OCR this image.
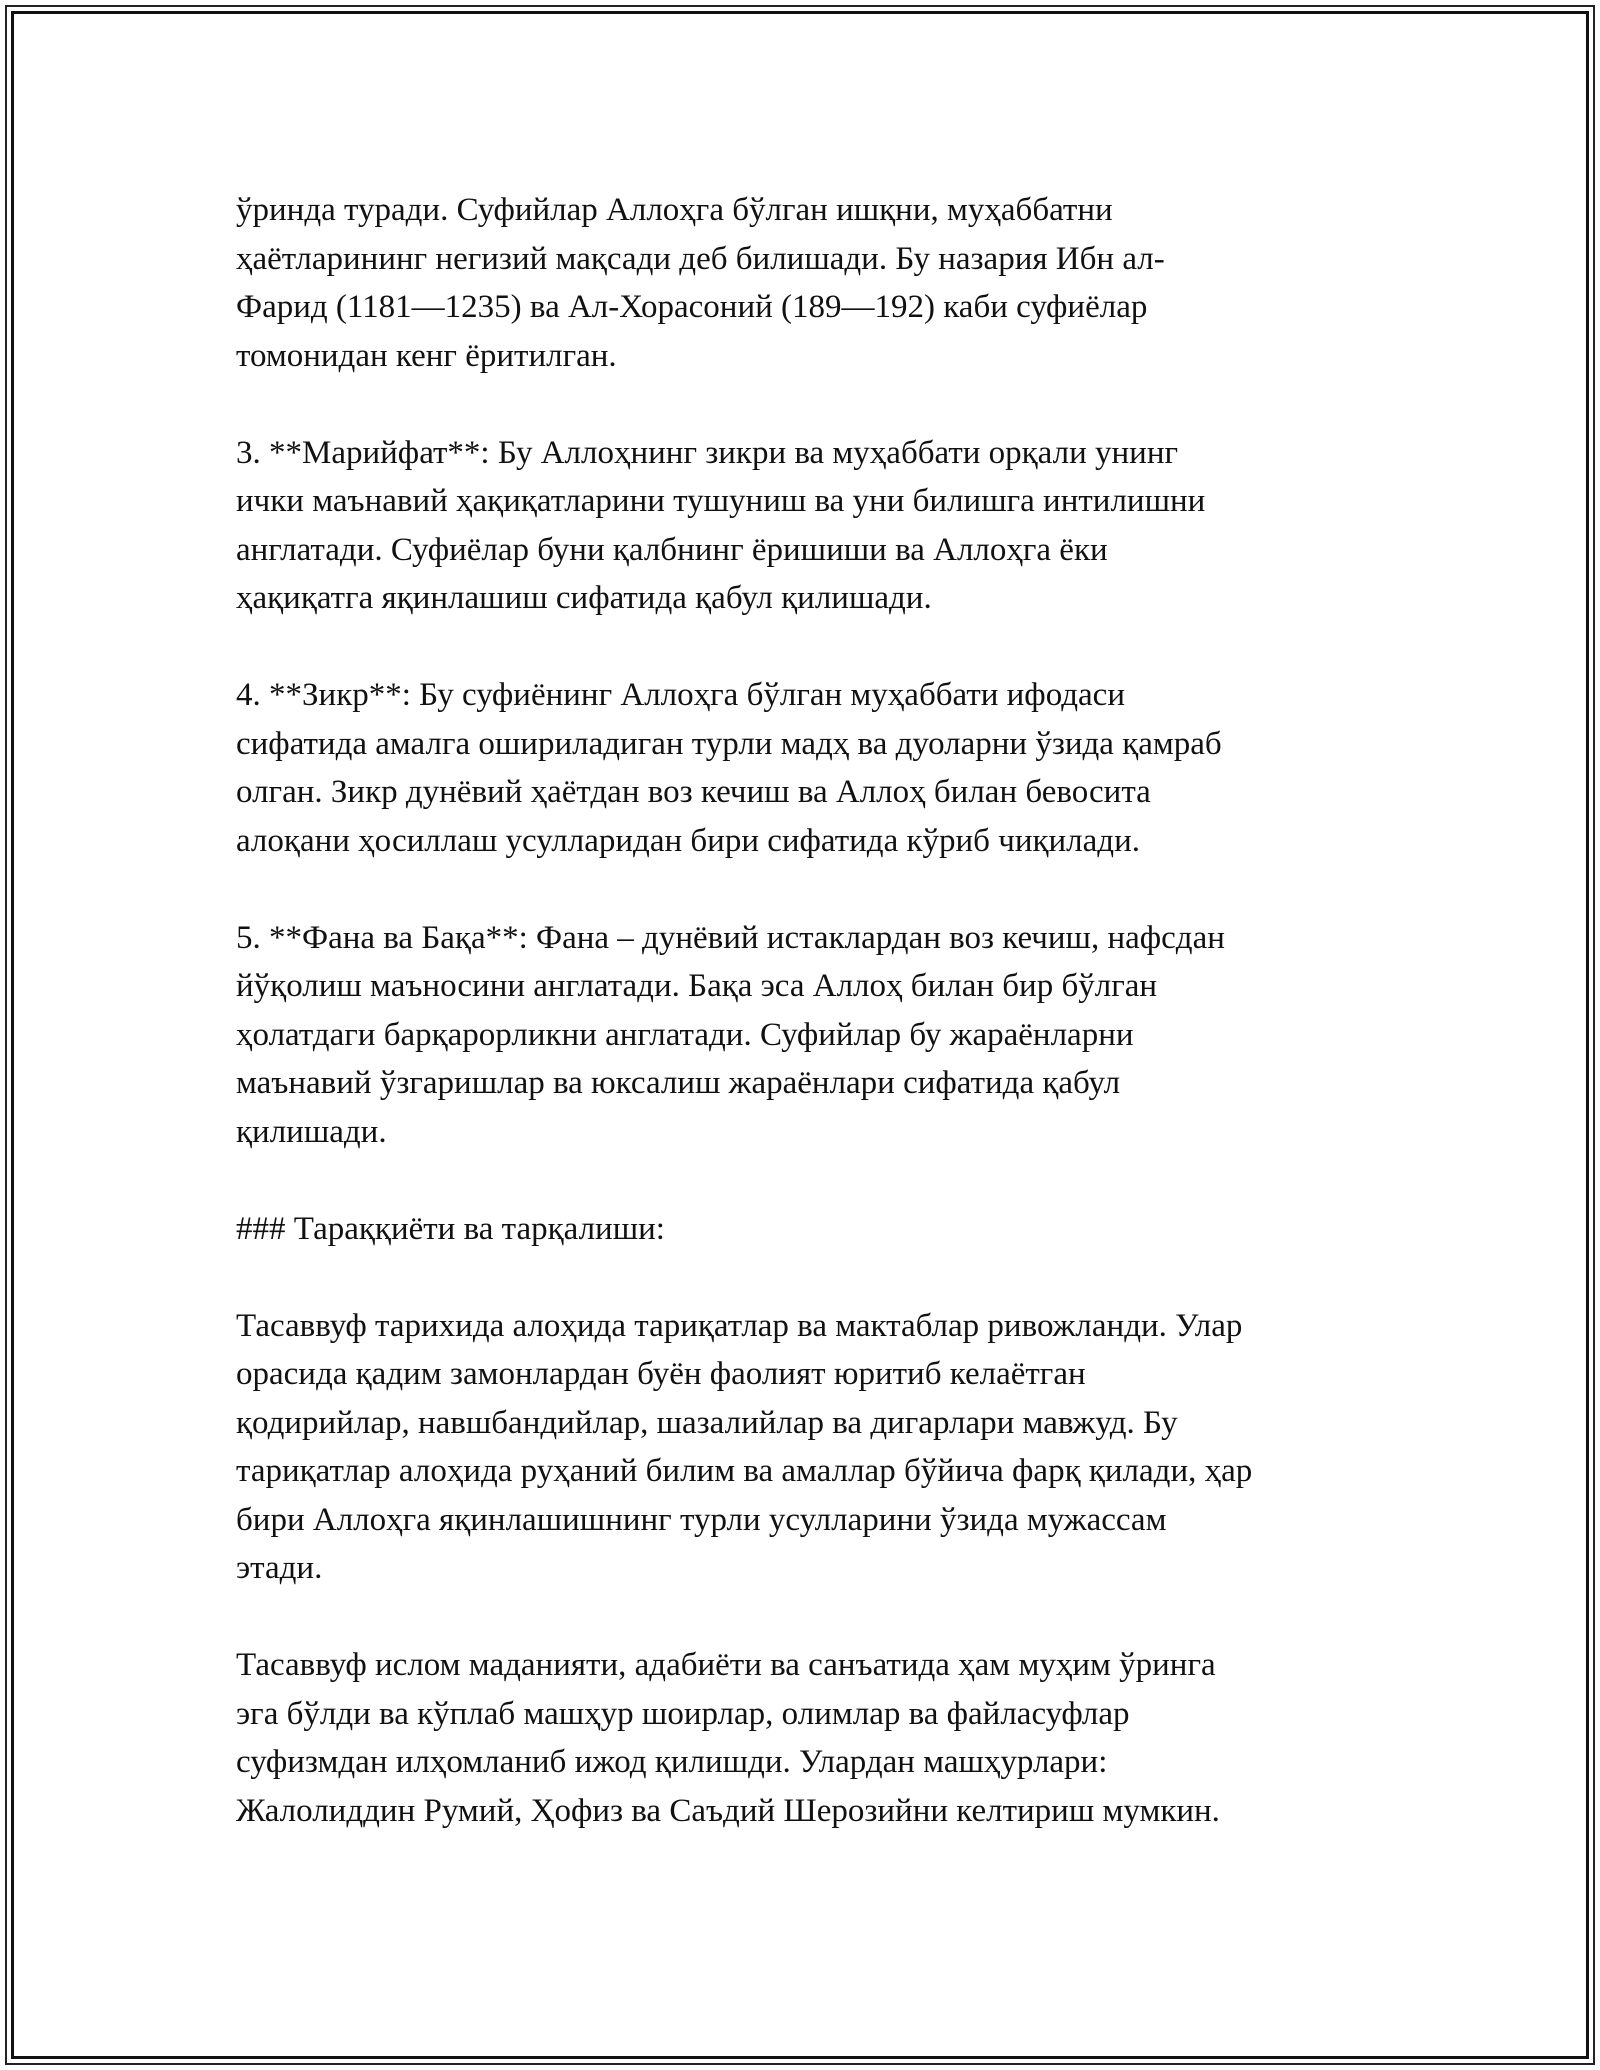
ўринда туради. Суфийлар Аллоҳга бўлган ишқни, муҳаббатни
ҳаётларининг негизий мақсади деб билишади. Бу назария Ибн ал-
Фарид (1181—1235) ва Ал-Хорасоний (189—192) каби суфиёлар
томонидан кенг ёритилган.

3. **Марийфат**: Бу Аллоҳнинг зикри ва муҳаббати орқали унинг
ички маънавий ҳақиқатларини тушуниш ва уни билишга интилишни
англатади. Суфиёлар буни қалбнинг ёришиши ва Аллоҳга ёки
ҳақиқатга яқинлашиш сифатида қабул қилишади.

4. **Зикр**: Бу суфиёнинг Аллоҳга бўлган муҳаббати ифодаси
сифатида амалга ошириладиган турли мадҳ ва дуоларни ўзида қамраб
олган. Зикр дунёвий ҳаётдан воз кечиш ва Аллоҳ билан бевосита
алоқани ҳосиллаш усулларидан бири сифатида кўриб чиқилади.

5. **Фана ва Бақа**: Фана – дунёвий истаклардан воз кечиш, нафсдан
йўқолиш маъносини англатади. Бақа эса Аллоҳ билан бир бўлган
ҳолатдаги барқарорликни англатади. Суфийлар бу жараёнларни
маънавий ўзгаришлар ва юксалиш жараёнлари сифатида қабул
қилишади.

### Тараққиёти ва тарқалиши:

Тасаввуф тарихида алоҳида тариқатлар ва мактаблар ривожланди. Улар
орасида қадим замонлардан буён фаолият юритиб келаётган
қодирийлар, навшбандийлар, шазалийлар ва дигарлари мавжуд. Бу
тариқатлар алоҳида руҳаний билим ва амаллар бўйича фарқ қилади, ҳар
бири Аллоҳга яқинлашишнинг турли усулларини ўзида мужассам
этади.

Тасаввуф ислом маданияти, адабиёти ва санъатида ҳам муҳим ўринга
эга бўлди ва кўплаб машҳур шоирлар, олимлар ва файласуфлар
суфизмдан илҳомланиб ижод қилишди. Улардан машҳурлари:
Жалолиддин Румий, Ҳофиз ва Саъдий Шерозийни келтириш мумкин.
